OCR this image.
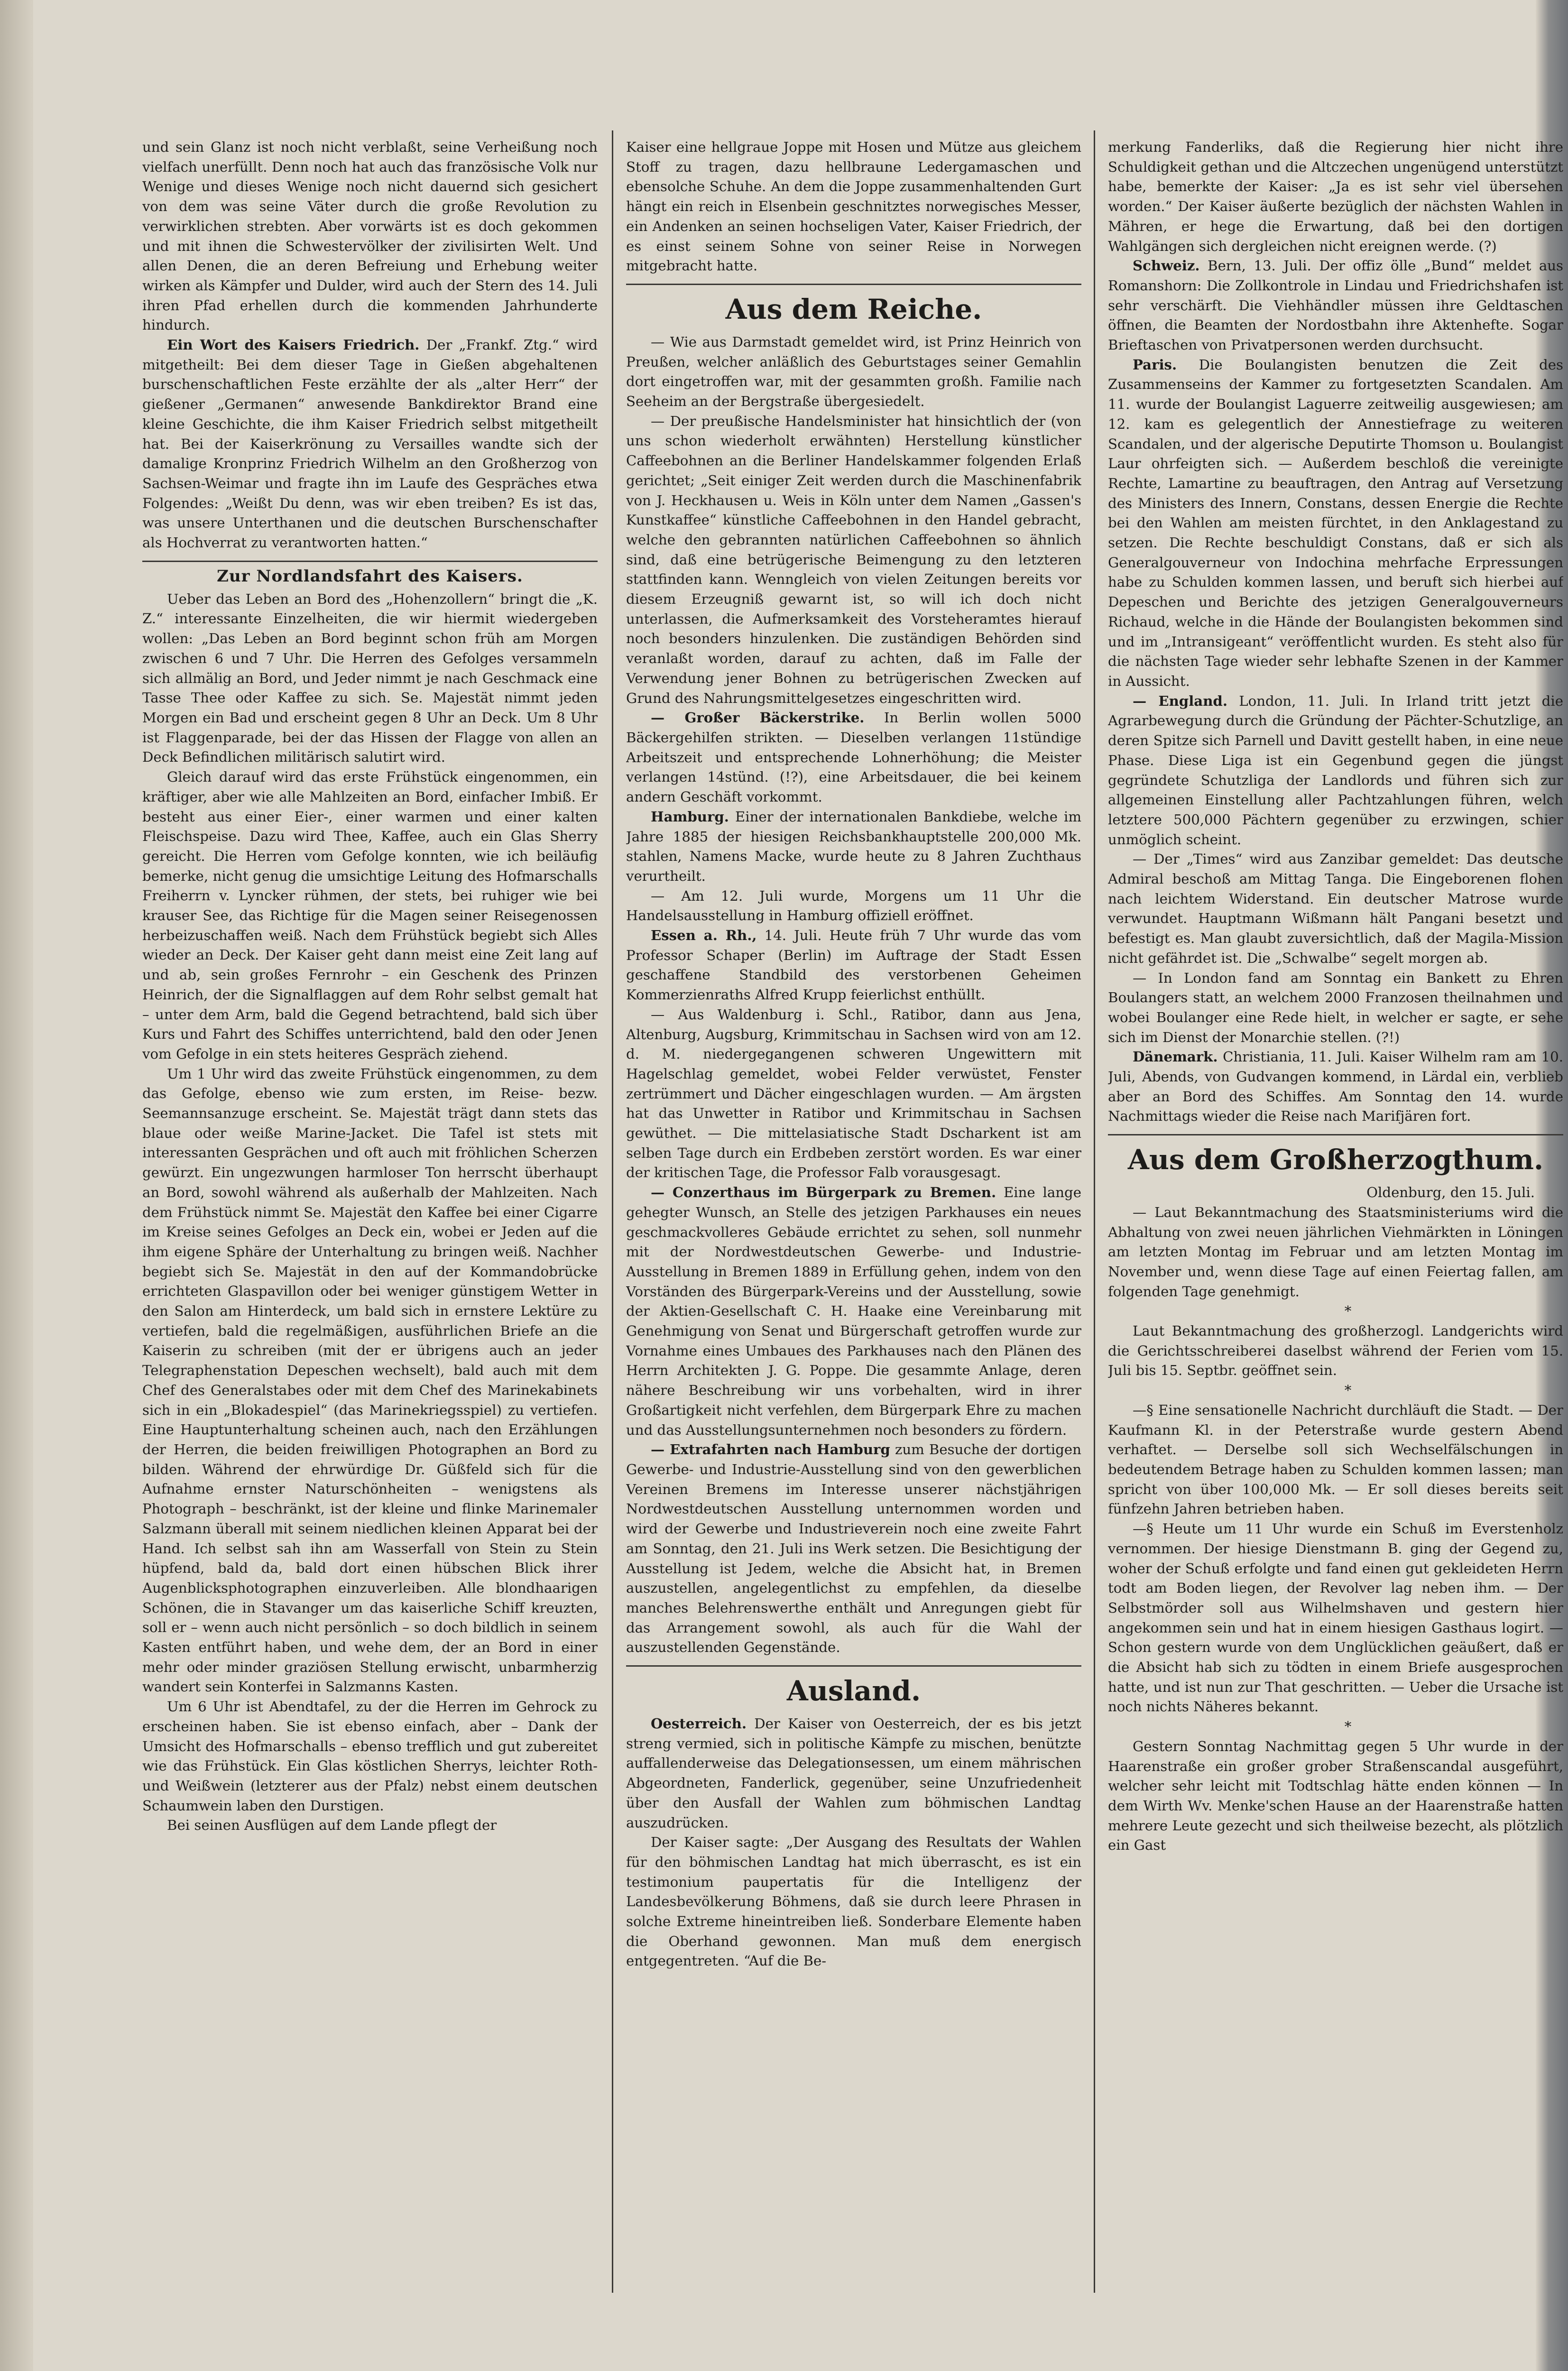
und sein Glanz ist noch nicht verblaßt, seine Verheißung noch vielfach unerfüllt. Denn noch hat auch das französische Volk nur Wenige und dieses Wenige noch nicht dauernd sich gesichert von dem was seine Väter durch die große Revolution zu verwirklichen strebten. Aber vorwärts ist es doch gekommen und mit ihnen die Schwestervölker der zivilisirten Welt. Und allen Denen, die an deren Befreiung und Erhebung weiter wirken als Kämpfer und Dulder, wird auch der Stern des 14. Juli ihren Pfad erhellen durch die kommenden Jahrhunderte hindurch.

Ein Wort des Kaisers Friedrich. Der „Frankf. Ztg.“ wird mitgetheilt: Bei dem dieser Tage in Gießen abgehaltenen burschenschaftlichen Feste erzählte der als „alter Herr“ der gießener „Germanen“ anwesende Bankdirektor Brand eine kleine Geschichte, die ihm Kaiser Friedrich selbst mitgetheilt hat. Bei der Kaiserkrönung zu Versailles wandte sich der damalige Kronprinz Friedrich Wilhelm an den Großherzog von Sachsen-Weimar und fragte ihn im Laufe des Gespräches etwa Folgendes: „Weißt Du denn, was wir eben treiben? Es ist das, was unsere Unterthanen und die deutschen Burschenschafter als Hochverrat zu verantworten hatten.“

Zur Nordlandsfahrt des Kaisers.

Ueber das Leben an Bord des „Hohenzollern“ bringt die „K. Z.“ interessante Einzelheiten, die wir hiermit wiedergeben wollen: „Das Leben an Bord beginnt schon früh am Morgen zwischen 6 und 7 Uhr. Die Herren des Gefolges versammeln sich allmälig an Bord, und Jeder nimmt je nach Geschmack eine Tasse Thee oder Kaffee zu sich. Se. Majestät nimmt jeden Morgen ein Bad und erscheint gegen 8 Uhr an Deck. Um 8 Uhr ist Flaggenparade, bei der das Hissen der Flagge von allen an Deck Befindlichen militärisch salutirt wird.

Gleich darauf wird das erste Frühstück eingenommen, ein kräftiger, aber wie alle Mahlzeiten an Bord, einfacher Imbiß. Er besteht aus einer Eier-, einer warmen und einer kalten Fleischspeise. Dazu wird Thee, Kaffee, auch ein Glas Sherry gereicht. Die Herren vom Gefolge konnten, wie ich beiläufig bemerke, nicht genug die umsichtige Leitung des Hofmarschalls Freiherrn v. Lyncker rühmen, der stets, bei ruhiger wie bei krauser See, das Richtige für die Magen seiner Reisegenossen herbeizuschaffen weiß. Nach dem Frühstück begiebt sich Alles wieder an Deck. Der Kaiser geht dann meist eine Zeit lang auf und ab, sein großes Fernrohr – ein Geschenk des Prinzen Heinrich, der die Signalflaggen auf dem Rohr selbst gemalt hat – unter dem Arm, bald die Gegend betrachtend, bald sich über Kurs und Fahrt des Schiffes unterrichtend, bald den oder Jenen vom Gefolge in ein stets heiteres Gespräch ziehend.

Um 1 Uhr wird das zweite Frühstück eingenommen, zu dem das Gefolge, ebenso wie zum ersten, im Reise- bezw. Seemannsanzuge erscheint. Se. Majestät trägt dann stets das blaue oder weiße Marine-Jacket. Die Tafel ist stets mit interessanten Gesprächen und oft auch mit fröhlichen Scherzen gewürzt. Ein ungezwungen harmloser Ton herrscht überhaupt an Bord, sowohl während als außerhalb der Mahlzeiten. Nach dem Frühstück nimmt Se. Majestät den Kaffee bei einer Cigarre im Kreise seines Gefolges an Deck ein, wobei er Jeden auf die ihm eigene Sphäre der Unterhaltung zu bringen weiß. Nachher begiebt sich Se. Majestät in den auf der Kommandobrücke errichteten Glaspavillon oder bei weniger günstigem Wetter in den Salon am Hinterdeck, um bald sich in ernstere Lektüre zu vertiefen, bald die regelmäßigen, ausführlichen Briefe an die Kaiserin zu schreiben (mit der er übrigens auch an jeder Telegraphenstation Depeschen wechselt), bald auch mit dem Chef des Generalstabes oder mit dem Chef des Marinekabinets sich in ein „Blokadespiel“ (das Marinekriegsspiel) zu vertiefen. Eine Hauptunterhaltung scheinen auch, nach den Erzählungen der Herren, die beiden freiwilligen Photographen an Bord zu bilden. Während der ehrwürdige Dr. Güßfeld sich für die Aufnahme ernster Naturschönheiten – wenigstens als Photograph – beschränkt, ist der kleine und flinke Marinemaler Salzmann überall mit seinem niedlichen kleinen Apparat bei der Hand. Ich selbst sah ihn am Wasserfall von Stein zu Stein hüpfend, bald da, bald dort einen hübschen Blick ihrer Augenblicksphotographen einzuverleiben. Alle blondhaarigen Schönen, die in Stavanger um das kaiserliche Schiff kreuzten, soll er – wenn auch nicht persönlich – so doch bildlich in seinem Kasten entführt haben, und wehe dem, der an Bord in einer mehr oder minder graziösen Stellung erwischt, unbarmherzig wandert sein Konterfei in Salzmanns Kasten.

Um 6 Uhr ist Abendtafel, zu der die Herren im Gehrock zu erscheinen haben. Sie ist ebenso einfach, aber – Dank der Umsicht des Hofmarschalls – ebenso trefflich und gut zubereitet wie das Frühstück. Ein Glas köstlichen Sherrys, leichter Roth- und Weißwein (letzterer aus der Pfalz) nebst einem deutschen Schaumwein laben den Durstigen.

Bei seinen Ausflügen auf dem Lande pflegt der

Kaiser eine hellgraue Joppe mit Hosen und Mütze aus gleichem Stoff zu tragen, dazu hellbraune Ledergamaschen und ebensolche Schuhe. An dem die Joppe zusammenhaltenden Gurt hängt ein reich in Elsenbein geschnitztes norwegisches Messer, ein Andenken an seinen hochseligen Vater, Kaiser Friedrich, der es einst seinem Sohne von seiner Reise in Norwegen mitgebracht hatte.

Aus dem Reiche.

— Wie aus Darmstadt gemeldet wird, ist Prinz Heinrich von Preußen, welcher anläßlich des Geburtstages seiner Gemahlin dort eingetroffen war, mit der gesammten großh. Familie nach Seeheim an der Bergstraße übergesiedelt.

— Der preußische Handelsminister hat hinsichtlich der (von uns schon wiederholt erwähnten) Herstellung künstlicher Caffeebohnen an die Berliner Handelskammer folgenden Erlaß gerichtet; „Seit einiger Zeit werden durch die Maschinenfabrik von J. Heckhausen u. Weis in Köln unter dem Namen „Gassen's Kunstkaffee“ künstliche Caffeebohnen in den Handel gebracht, welche den gebrannten natürlichen Caffeebohnen so ähnlich sind, daß eine betrügerische Beimengung zu den letzteren stattfinden kann. Wenngleich von vielen Zeitungen bereits vor diesem Erzeugniß gewarnt ist, so will ich doch nicht unterlassen, die Aufmerksamkeit des Vorsteheramtes hierauf noch besonders hinzulenken. Die zuständigen Behörden sind veranlaßt worden, darauf zu achten, daß im Falle der Verwendung jener Bohnen zu betrügerischen Zwecken auf Grund des Nahrungsmittelgesetzes eingeschritten wird.

— Großer Bäckerstrike. In Berlin wollen 5000 Bäckergehilfen strikten. — Dieselben verlangen 11stündige Arbeitszeit und entsprechende Lohnerhöhung; die Meister verlangen 14stünd. (!?), eine Arbeitsdauer, die bei keinem andern Geschäft vorkommt.

Hamburg. Einer der internationalen Bankdiebe, welche im Jahre 1885 der hiesigen Reichsbankhauptstelle 200,000 Mk. stahlen, Namens Macke, wurde heute zu 8 Jahren Zuchthaus verurtheilt.

— Am 12. Juli wurde, Morgens um 11 Uhr die Handelsausstellung in Hamburg offiziell eröffnet.

Essen a. Rh., 14. Juli. Heute früh 7 Uhr wurde das vom Professor Schaper (Berlin) im Auftrage der Stadt Essen geschaffene Standbild des verstorbenen Geheimen Kommerzienraths Alfred Krupp feierlichst enthüllt.

— Aus Waldenburg i. Schl., Ratibor, dann aus Jena, Altenburg, Augsburg, Krimmitschau in Sachsen wird von am 12. d. M. niedergegangenen schweren Ungewittern mit Hagelschlag gemeldet, wobei Felder verwüstet, Fenster zertrümmert und Dächer eingeschlagen wurden. — Am ärgsten hat das Unwetter in Ratibor und Krimmitschau in Sachsen gewüthet. — Die mittelasiatische Stadt Dscharkent ist am selben Tage durch ein Erdbeben zerstört worden. Es war einer der kritischen Tage, die Professor Falb vorausgesagt.

— Conzerthaus im Bürgerpark zu Bremen. Eine lange gehegter Wunsch, an Stelle des jetzigen Parkhauses ein neues geschmackvolleres Gebäude errichtet zu sehen, soll nunmehr mit der Nordwestdeutschen Gewerbe- und Industrie-Ausstellung in Bremen 1889 in Erfüllung gehen, indem von den Vorständen des Bürgerpark-Vereins und der Ausstellung, sowie der Aktien-Gesellschaft C. H. Haake eine Vereinbarung mit Genehmigung von Senat und Bürgerschaft getroffen wurde zur Vornahme eines Umbaues des Parkhauses nach den Plänen des Herrn Architekten J. G. Poppe. Die gesammte Anlage, deren nähere Beschreibung wir uns vorbehalten, wird in ihrer Großartigkeit nicht verfehlen, dem Bürgerpark Ehre zu machen und das Ausstellungsunternehmen noch besonders zu fördern.

— Extrafahrten nach Hamburg zum Besuche der dortigen Gewerbe- und Industrie-Ausstellung sind von den gewerblichen Vereinen Bremens im Interesse unserer nächstjährigen Nordwestdeutschen Ausstellung unternommen worden und wird der Gewerbe und Industrieverein noch eine zweite Fahrt am Sonntag, den 21. Juli ins Werk setzen. Die Besichtigung der Ausstellung ist Jedem, welche die Absicht hat, in Bremen auszustellen, angelegentlichst zu empfehlen, da dieselbe manches Belehrenswerthe enthält und Anregungen giebt für das Arrangement sowohl, als auch für die Wahl der auszustellenden Gegenstände.

Ausland.

Oesterreich. Der Kaiser von Oesterreich, der es bis jetzt streng vermied, sich in politische Kämpfe zu mischen, benützte auffallenderweise das Delegationsessen, um einem mährischen Abgeordneten, Fanderlick, gegenüber, seine Unzufriedenheit über den Ausfall der Wahlen zum böhmischen Landtag auszudrücken.

Der Kaiser sagte: „Der Ausgang des Resultats der Wahlen für den böhmischen Landtag hat mich überrascht, es ist ein testimonium paupertatis für die Intelligenz der Landesbevölkerung Böhmens, daß sie durch leere Phrasen in solche Extreme hineintreiben ließ. Sonderbare Elemente haben die Oberhand gewonnen. Man muß dem energisch entgegentreten. “Auf die Be-

merkung Fanderliks, daß die Regierung hier nicht ihre Schuldigkeit gethan und die Altczechen ungenügend unterstützt habe, bemerkte der Kaiser: „Ja es ist sehr viel übersehen worden.“ Der Kaiser äußerte bezüglich der nächsten Wahlen in Mähren, er hege die Erwartung, daß bei den dortigen Wahlgängen sich dergleichen nicht ereignen werde. (?)

Schweiz. Bern, 13. Juli. Der offiz ölle „Bund“ meldet aus Romanshorn: Die Zollkontrole in Lindau und Friedrichshafen ist sehr verschärft. Die Viehhändler müssen ihre Geldtaschen öffnen, die Beamten der Nordostbahn ihre Aktenhefte. Sogar Brieftaschen von Privatpersonen werden durchsucht.

Paris. Die Boulangisten benutzen die Zeit des Zusammenseins der Kammer zu fortgesetzten Scandalen. Am 11. wurde der Boulangist Laguerre zeitweilig ausgewiesen; am 12. kam es gelegentlich der Annestiefrage zu weiteren Scandalen, und der algerische Deputirte Thomson u. Boulangist Laur ohrfeigten sich. — Außerdem beschloß die vereinigte Rechte, Lamartine zu beauftragen, den Antrag auf Versetzung des Ministers des Innern, Constans, dessen Energie die Rechte bei den Wahlen am meisten fürchtet, in den Anklagestand zu setzen. Die Rechte beschuldigt Constans, daß er sich als Generalgouverneur von Indochina mehrfache Erpressungen habe zu Schulden kommen lassen, und beruft sich hierbei auf Depeschen und Berichte des jetzigen Generalgouverneurs Richaud, welche in die Hände der Boulangisten bekommen sind und im „Intransigeant“ veröffentlicht wurden. Es steht also für die nächsten Tage wieder sehr lebhafte Szenen in der Kammer in Aussicht.

— England. London, 11. Juli. In Irland tritt jetzt die Agrarbewegung durch die Gründung der Pächter-Schutzlige, an deren Spitze sich Parnell und Davitt gestellt haben, in eine neue Phase. Diese Liga ist ein Gegenbund gegen die jüngst gegründete Schutzliga der Landlords und führen sich zur allgemeinen Einstellung aller Pachtzahlungen führen, welch letztere 500,000 Pächtern gegenüber zu erzwingen, schier unmöglich scheint.

— Der „Times“ wird aus Zanzibar gemeldet: Das deutsche Admiral beschoß am Mittag Tanga. Die Eingeborenen flohen nach leichtem Widerstand. Ein deutscher Matrose wurde verwundet. Hauptmann Wißmann hält Pangani besetzt und befestigt es. Man glaubt zuversichtlich, daß der Magila-Mission nicht gefährdet ist. Die „Schwalbe“ segelt morgen ab.

— In London fand am Sonntag ein Bankett zu Ehren Boulangers statt, an welchem 2000 Franzosen theilnahmen und wobei Boulanger eine Rede hielt, in welcher er sagte, er sehe sich im Dienst der Monarchie stellen. (?!)

Dänemark. Christiania, 11. Juli. Kaiser Wilhelm ram am 10. Juli, Abends, von Gudvangen kommend, in Lärdal ein, verblieb aber an Bord des Schiffes. Am Sonntag den 14. wurde Nachmittags wieder die Reise nach Marifjären fort.

Aus dem Großherzogthum.

Oldenburg, den 15. Juli.

— Laut Bekanntmachung des Staatsministeriums wird die Abhaltung von zwei neuen jährlichen Viehmärkten in Löningen am letzten Montag im Februar und am letzten Montag im November und, wenn diese Tage auf einen Feiertag fallen, am folgenden Tage genehmigt.

*

Laut Bekanntmachung des großherzogl. Landgerichts wird die Gerichtsschreiberei daselbst während der Ferien vom 15. Juli bis 15. Septbr. geöffnet sein.

*

—§ Eine sensationelle Nachricht durchläuft die Stadt. — Der Kaufmann Kl. in der Peterstraße wurde gestern Abend verhaftet. — Derselbe soll sich Wechselfälschungen in bedeutendem Betrage haben zu Schulden kommen lassen; man spricht von über 100,000 Mk. — Er soll dieses bereits seit fünfzehn Jahren betrieben haben.

—§ Heute um 11 Uhr wurde ein Schuß im Everstenholz vernommen. Der hiesige Dienstmann B. ging der Gegend zu, woher der Schuß erfolgte und fand einen gut gekleideten Herrn todt am Boden liegen, der Revolver lag neben ihm. — Der Selbstmörder soll aus Wilhelmshaven und gestern hier angekommen sein und hat in einem hiesigen Gasthaus logirt. — Schon gestern wurde von dem Unglücklichen geäußert, daß er die Absicht hab sich zu tödten in einem Briefe ausgesprochen hatte, und ist nun zur That geschritten. — Ueber die Ursache ist noch nichts Näheres bekannt.

*

Gestern Sonntag Nachmittag gegen 5 Uhr wurde in der Haarenstraße ein großer grober Straßenscandal ausgeführt, welcher sehr leicht mit Todtschlag hätte enden können — In dem Wirth Wv. Menke'schen Hause an der Haarenstraße hatten mehrere Leute gezecht und sich theilweise bezecht, als plötzlich ein Gast
